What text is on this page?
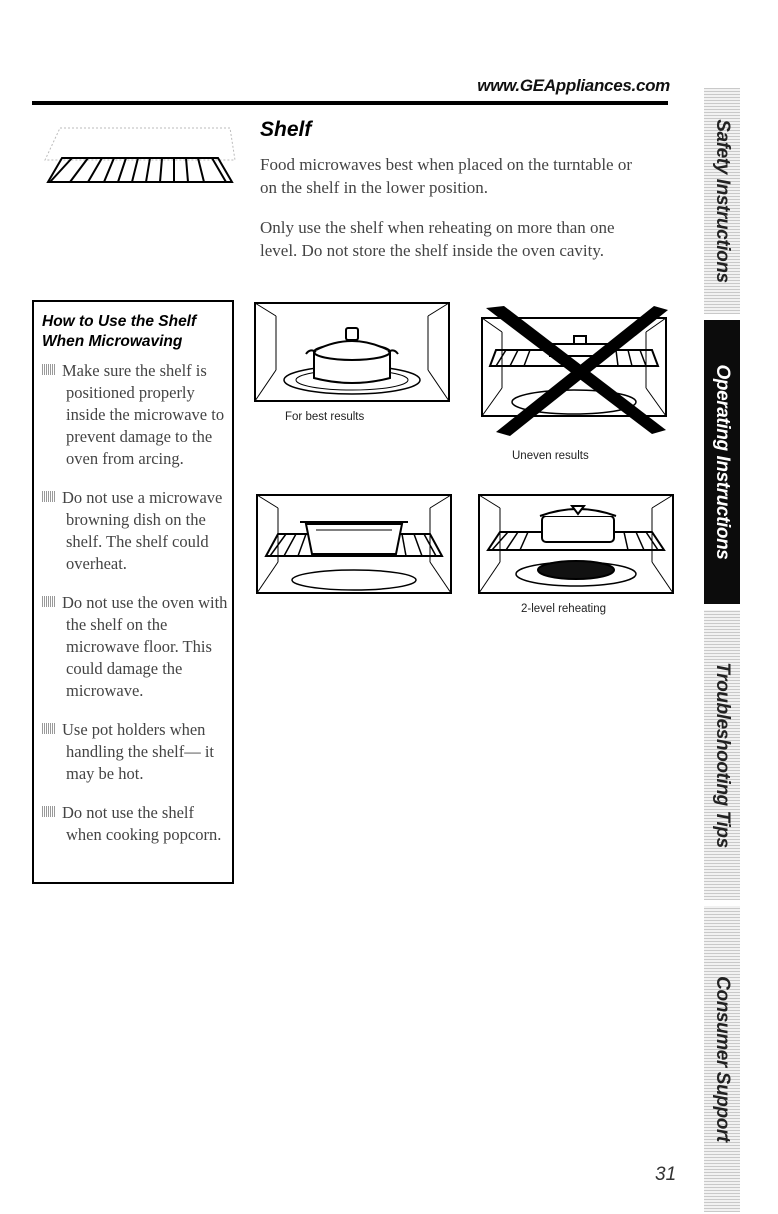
www.GEAppliances.com
Shelf
Food microwaves best when placed on the turntable or on the shelf in the lower position.
Only use the shelf when reheating on more than one level. Do not store the shelf inside the oven cavity.
How to Use the Shelf When Microwaving
Make sure the shelf is positioned properly inside the microwave to prevent damage to the oven from arcing.
Do not use a microwave browning dish on the shelf. The shelf could overheat.
Do not use the oven with the shelf on the microwave floor. This could damage the microwave.
Use pot holders when handling the shelf— it may be hot.
Do not use the shelf when cooking popcorn.
For best results
Uneven results
2-level reheating
Safety Instructions
Operating Instructions
Troubleshooting Tips
Consumer Support
31
